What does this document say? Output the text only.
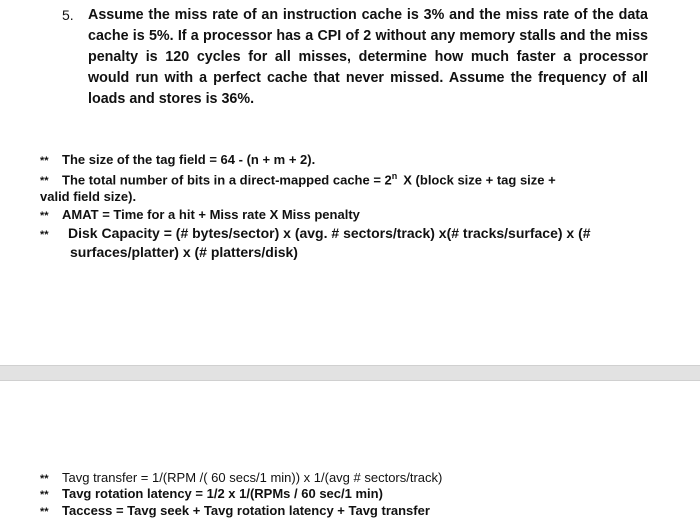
5. Assume the miss rate of an instruction cache is 3% and the miss rate of the data cache is 5%. If a processor has a CPI of 2 without any memory stalls and the miss penalty is 120 cycles for all misses, determine how much faster a processor would run with a perfect cache that never missed. Assume the frequency of all loads and stores is 36%.
** The size of the tag field = 64 - (n + m + 2).
** The total number of bits in a direct-mapped cache = $2^n$ X (block size + tag size +
valid field size).
** AMAT = Time for a hit + Miss rate X Miss penalty
** Disk Capacity = (# bytes/sector) x (avg. # sectors/track) x(# tracks/surface) x (#
surfaces/platter) x (# platters/disk)
** Tavg transfer = 1/(RPM /( 60 secs/1 min)) x 1/(avg # sectors/track)
** Tavg rotation latency = 1/2 x 1/(RPMs / 60 sec/1 min)
** Taccess = Tavg seek + Tavg rotation latency + Tavg transfer
